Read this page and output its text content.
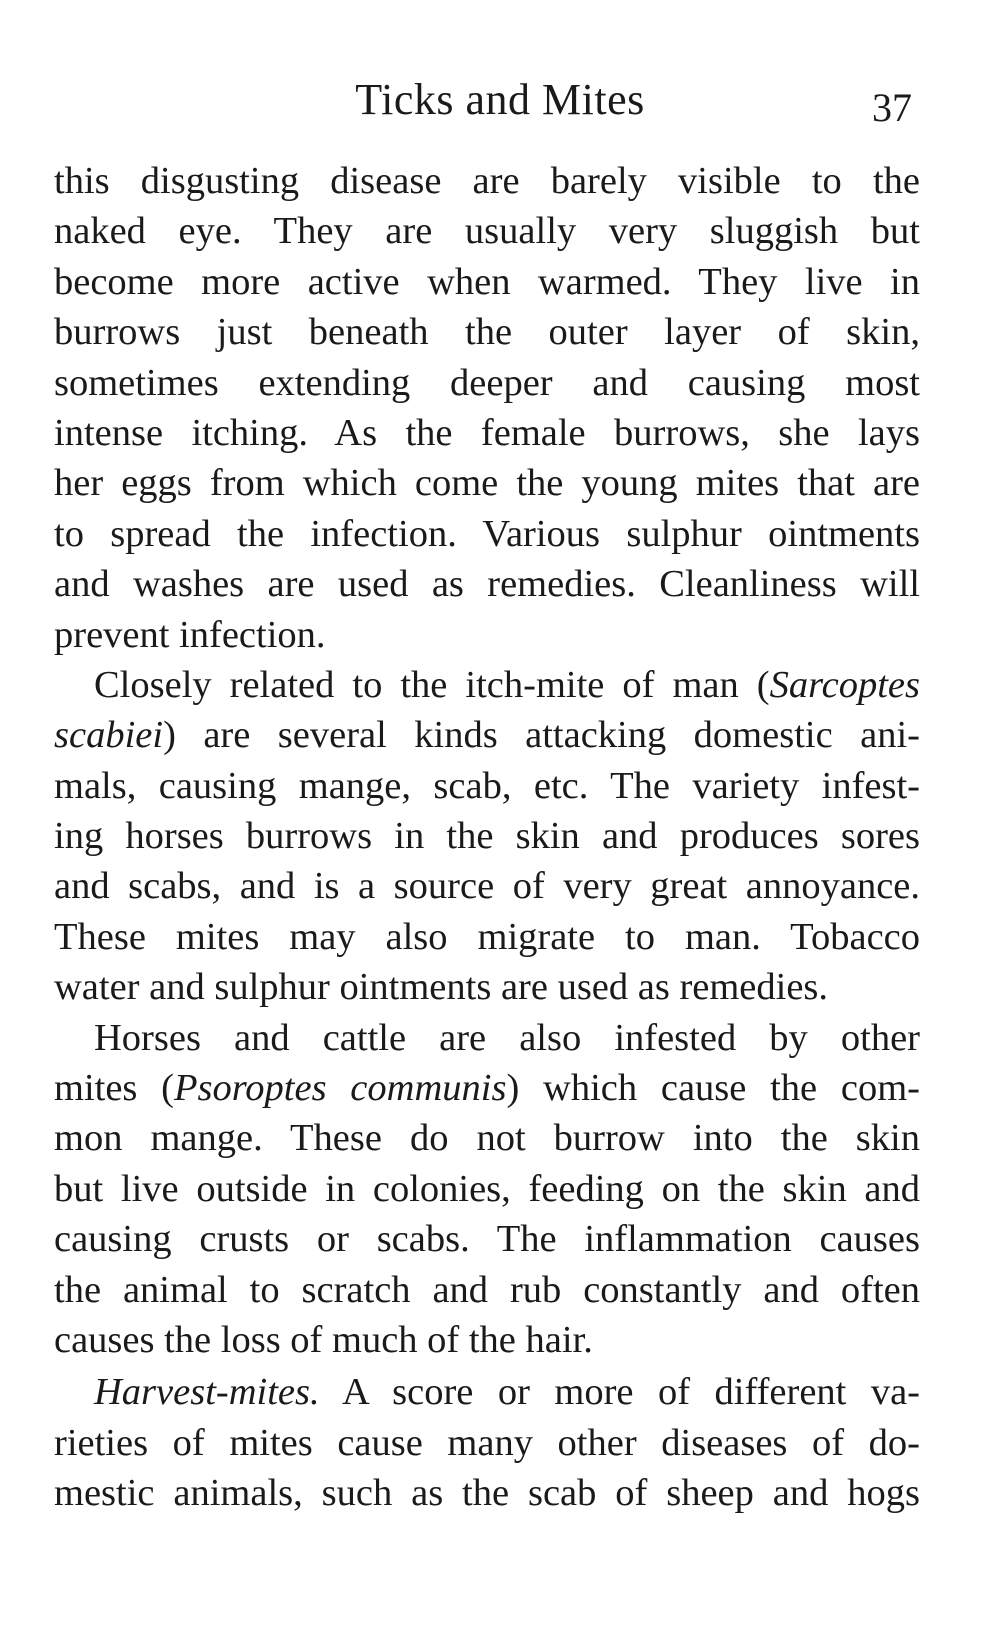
Ticks and Mites	37
this disgusting disease are barely visible to the
naked eye. They are usually very sluggish but
become more active when warmed. They live in
burrows just beneath the outer layer of skin,
sometimes extending deeper and causing most
intense itching. As the female burrows, she lays
her eggs from which come the young mites that are
to spread the infection. Various sulphur ointments
and washes are used as remedies. Cleanliness will
prevent infection.
Closely related to the itch-mite of man (Sarcoptes
scabiei) are several kinds attacking domestic ani-
mals, causing mange, scab, etc. The variety infest-
ing horses burrows in the skin and produces sores
and scabs, and is a source of very great annoyance.
These mites may also migrate to man. Tobacco
water and sulphur ointments are used as remedies.
Horses and cattle are also infested by other
mites (Psoroptes communis) which cause the com-
mon mange. These do not burrow into the skin
but live outside in colonies, feeding on the skin and
causing crusts or scabs. The inflammation causes
the animal to scratch and rub constantly and often
causes the loss of much of the hair.
Harvest-mites. A score or more of different va-
rieties of mites cause many other diseases of do-
mestic animals, such as the scab of sheep and hogs
